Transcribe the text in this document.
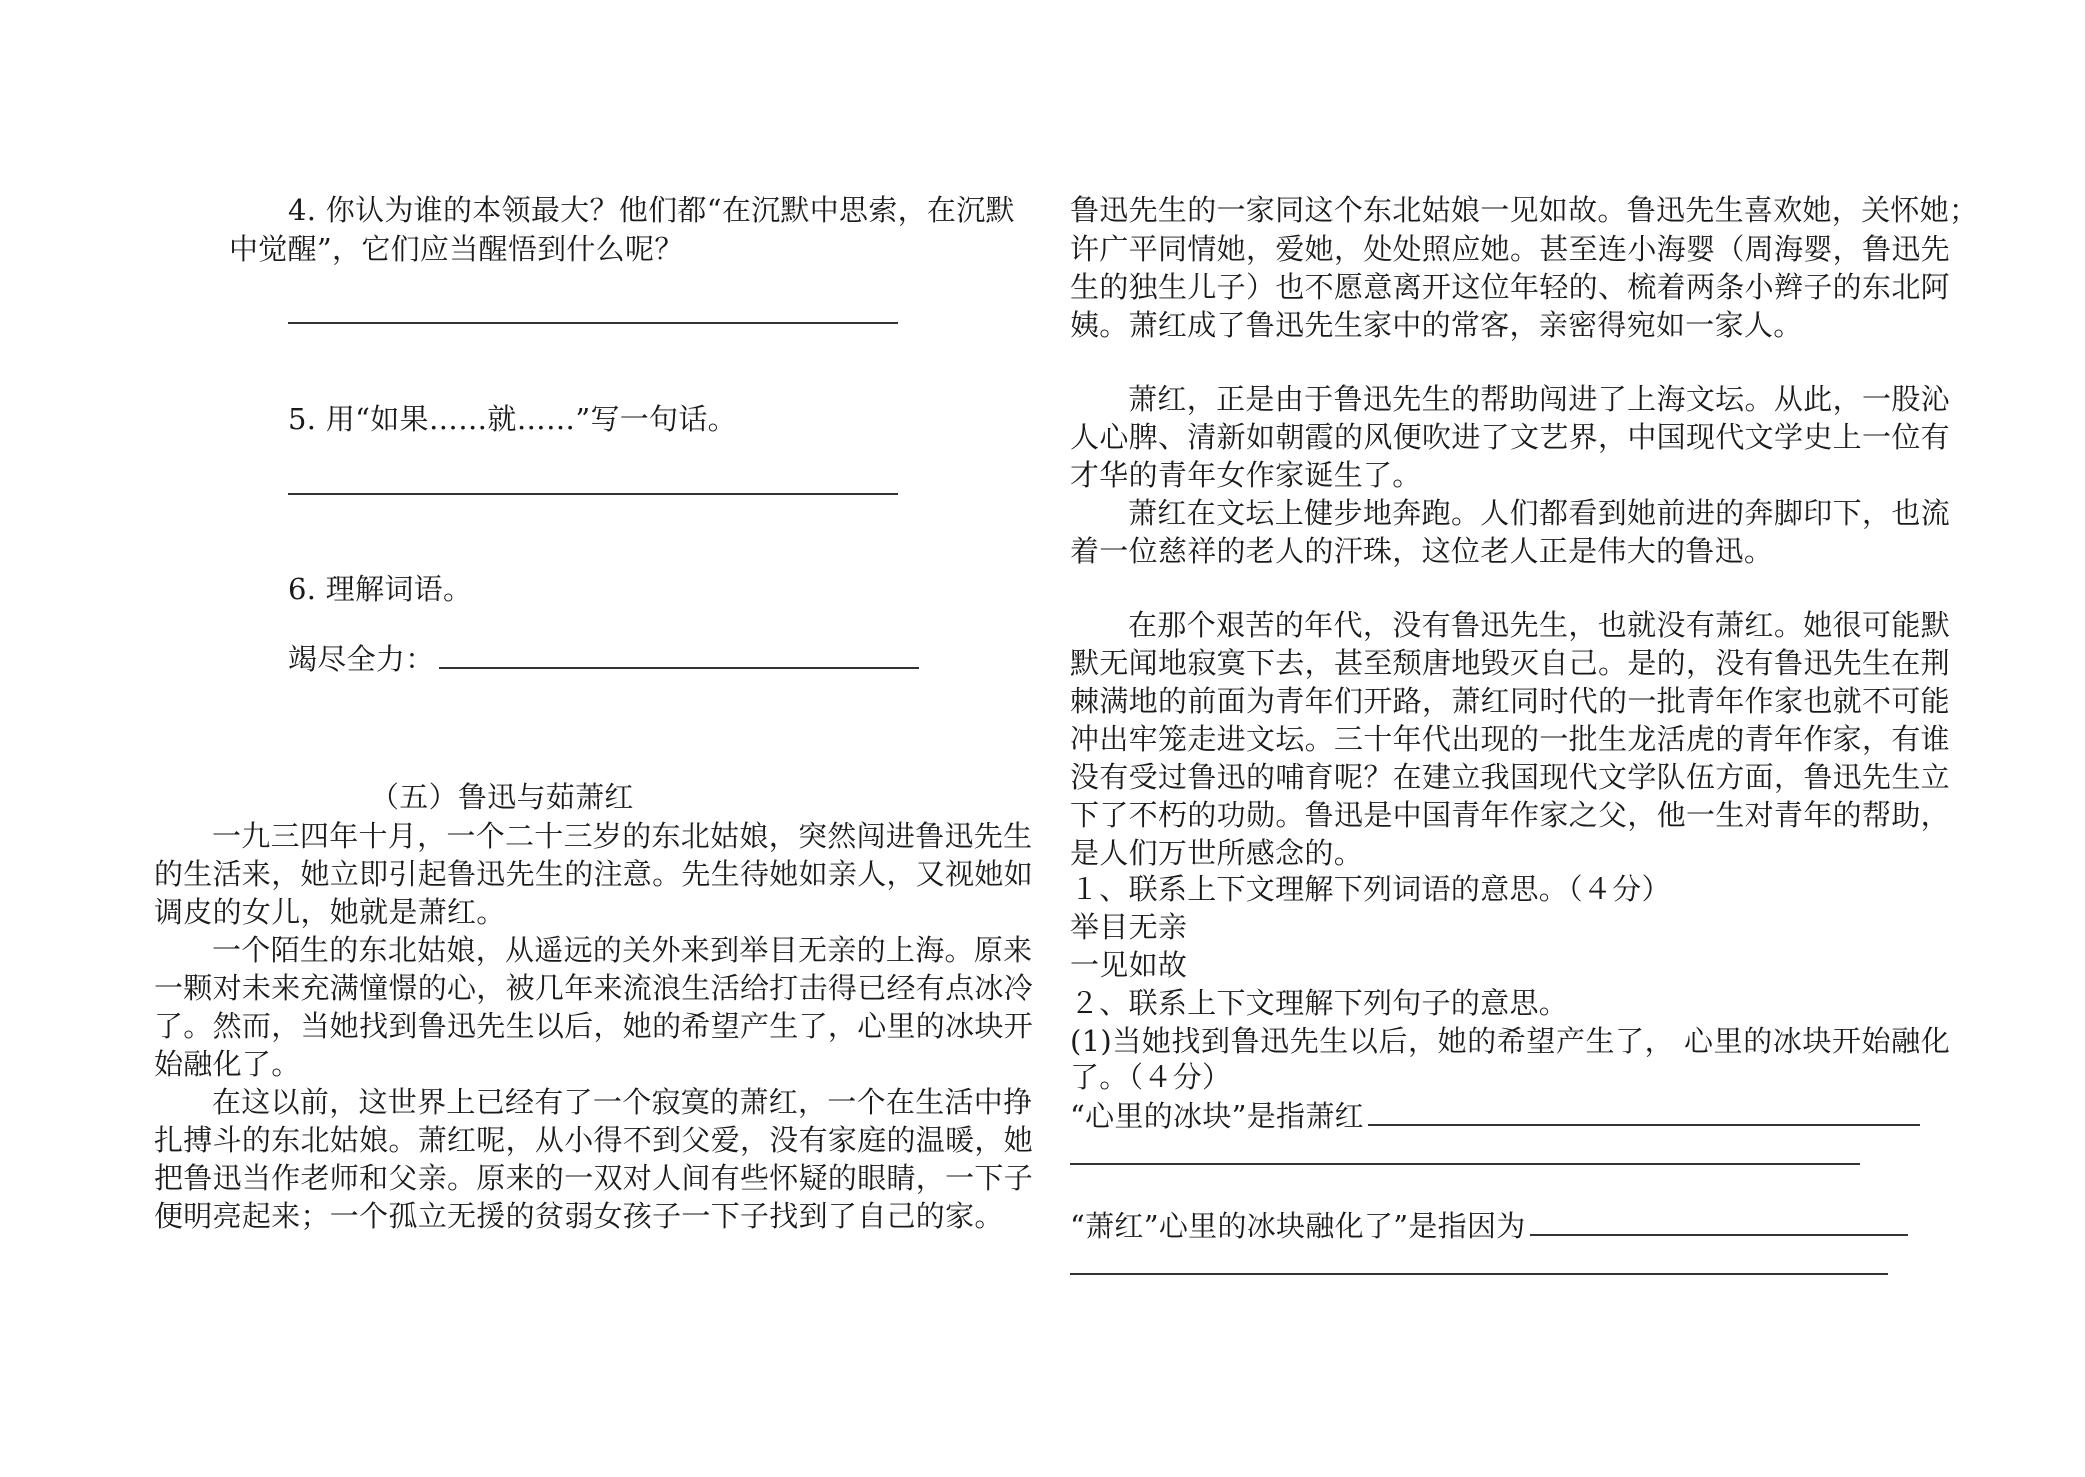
4. 你认为谁的本领最大？他们都“在沉默中思索，在沉默

中觉醒”，它们应当醒悟到什么呢？

5. 用“如果……就……”写一句话。

6. 理解词语。

竭尽全力：

（五）鲁迅与茹萧红

一九三四年十月，一个二十三岁的东北姑娘，突然闯进鲁迅先生

的生活来，她立即引起鲁迅先生的注意。先生待她如亲人，又视她如

调皮的女儿，她就是萧红。

一个陌生的东北姑娘，从遥远的关外来到举目无亲的上海。原来

一颗对未来充满憧憬的心，被几年来流浪生活给打击得已经有点冰冷

了。然而，当她找到鲁迅先生以后，她的希望产生了，心里的冰块开

始融化了。

在这以前，这世界上已经有了一个寂寞的萧红，一个在生活中挣

扎搏斗的东北姑娘。萧红呢，从小得不到父爱，没有家庭的温暖，她

把鲁迅当作老师和父亲。原来的一双对人间有些怀疑的眼睛，一下子

便明亮起来；一个孤立无援的贫弱女孩子一下子找到了自己的家。

鲁迅先生的一家同这个东北姑娘一见如故。鲁迅先生喜欢她，关怀她；

许广平同情她，爱她，处处照应她。甚至连小海婴（周海婴，鲁迅先

生的独生儿子）也不愿意离开这位年轻的、梳着两条小辫子的东北阿

姨。萧红成了鲁迅先生家中的常客，亲密得宛如一家人。

萧红，正是由于鲁迅先生的帮助闯进了上海文坛。从此，一股沁

人心脾、清新如朝霞的风便吹进了文艺界，中国现代文学史上一位有

才华的青年女作家诞生了。

萧红在文坛上健步地奔跑。人们都看到她前进的奔脚印下，也流

着一位慈祥的老人的汗珠，这位老人正是伟大的鲁迅。

在那个艰苦的年代，没有鲁迅先生，也就没有萧红。她很可能默

默无闻地寂寞下去，甚至颓唐地毁灭自己。是的，没有鲁迅先生在荆

棘满地的前面为青年们开路，萧红同时代的一批青年作家也就不可能

冲出牢笼走进文坛。三十年代出现的一批生龙活虎的青年作家，有谁

没有受过鲁迅的哺育呢？在建立我国现代文学队伍方面，鲁迅先生立

下了不朽的功勋。鲁迅是中国青年作家之父，他一生对青年的帮助，

是人们万世所感念的。

１、联系上下文理解下列词语的意思。（４分）

举目无亲

一见如故

２、联系上下文理解下列句子的意思。

(1)当她找到鲁迅先生以后，她的希望产生了， 心里的冰块开始融化

了。（４分）

“心里的冰块”是指萧红

“萧红”心里的冰块融化了”是指因为
